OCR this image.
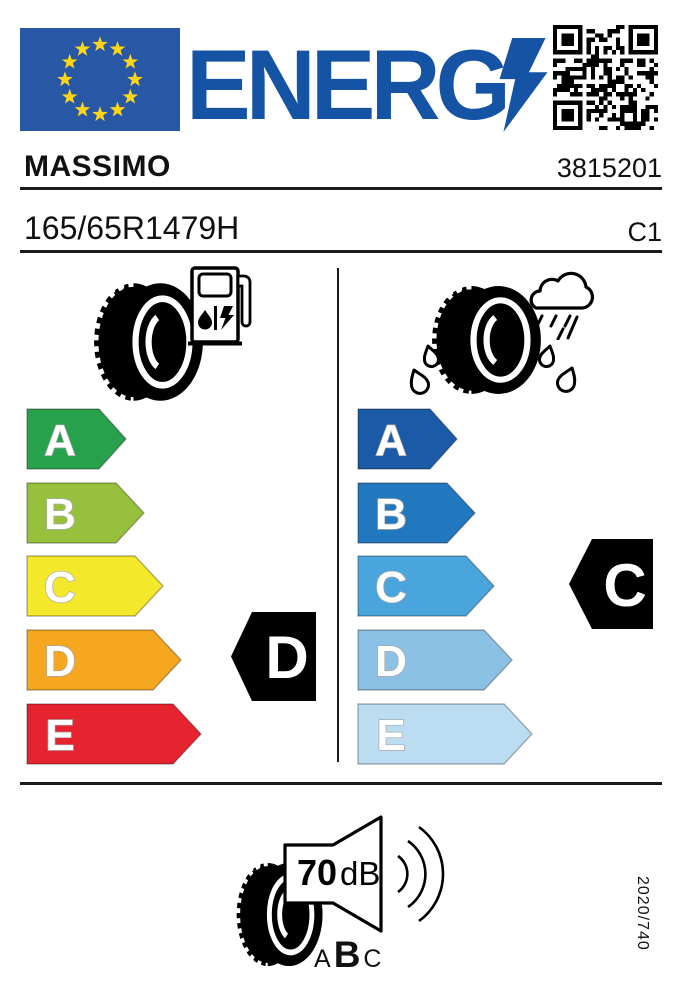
ENERG
MASSIMO	3815201
165/65R1479H	C1
A
B
C
D
E
A
B
C
D
E
D
C
70 dB
A B C
2020/740
